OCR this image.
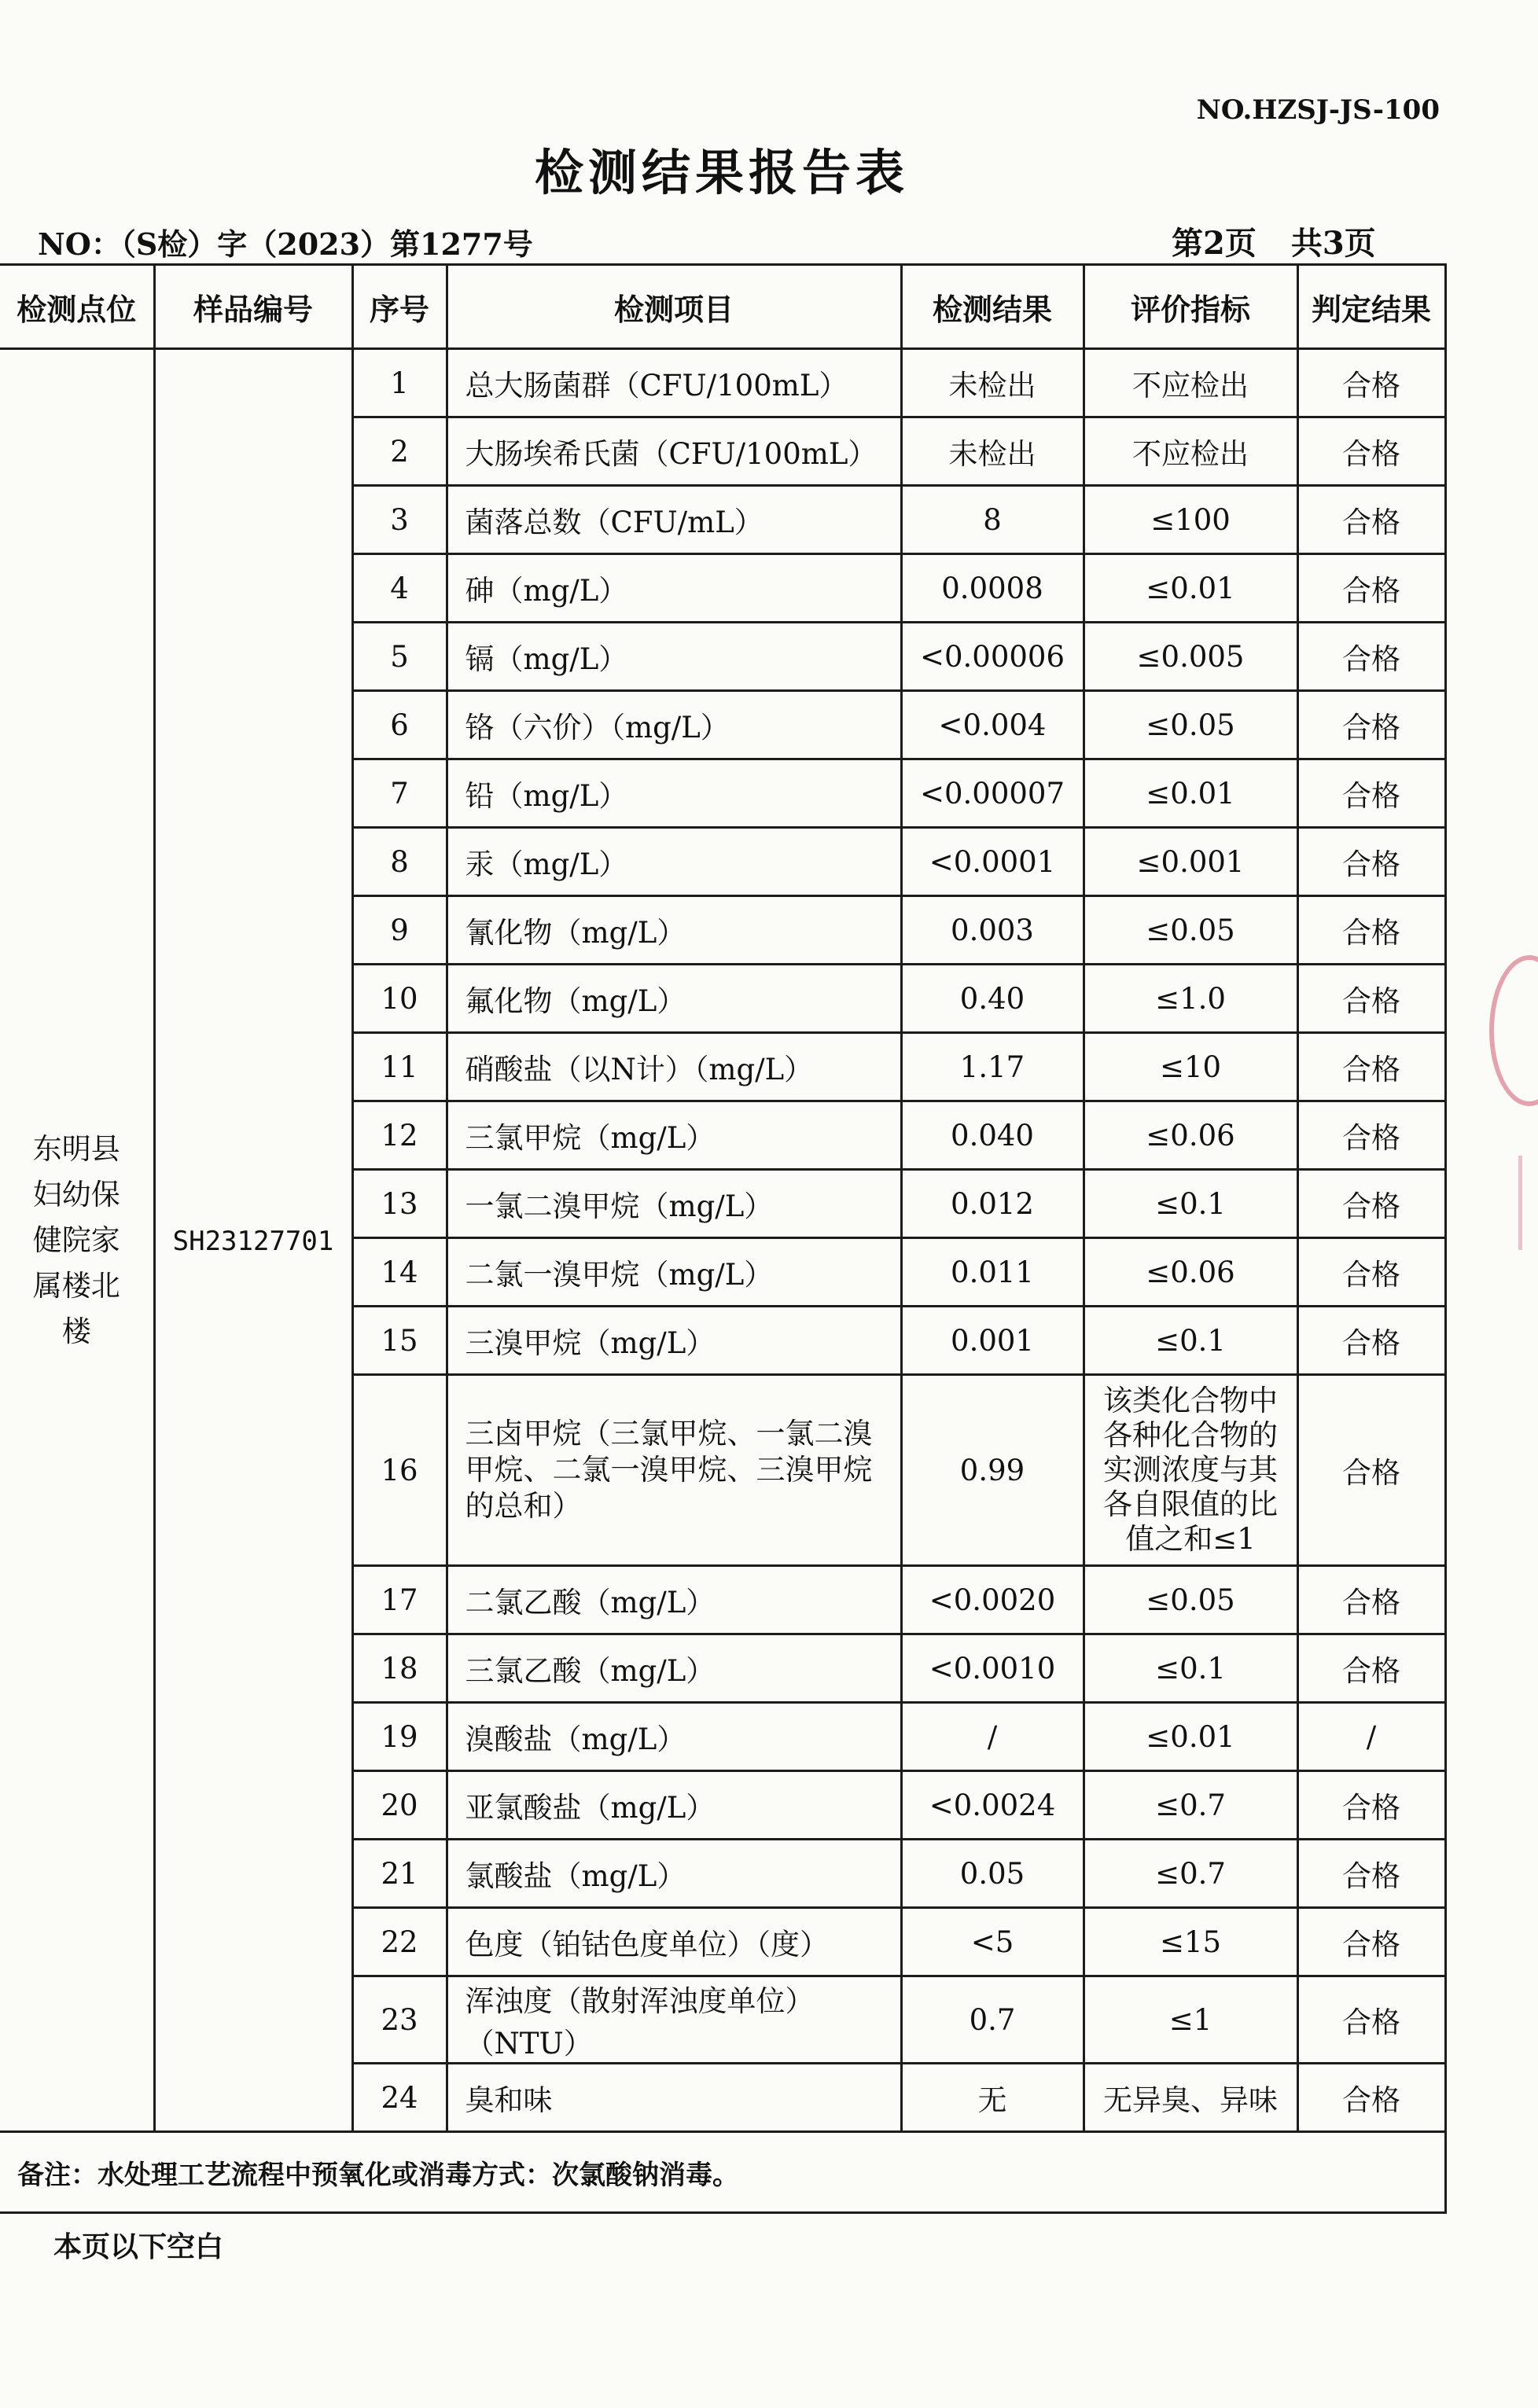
NO.HZSJ-JS-100
检测结果报告表
NO：（S检）字（2023）第1277号	第2页 共3页
检测点位	样品编号	序号	检测项目	检测结果	评价指标	判定结果

东明县妇幼保健院家属楼北楼	SH23127701	1	总大肠菌群（CFU/100mL）	未检出	不应检出	合格
		2	大肠埃希氏菌（CFU/100mL）	未检出	不应检出	合格
		3	菌落总数（CFU/mL）	8	≤100	合格
		4	砷（mg/L）	0.0008	≤0.01	合格
		5	镉（mg/L）	<0.00006	≤0.005	合格
		6	铬（六价）（mg/L）	<0.004	≤0.05	合格
		7	铅（mg/L）	<0.00007	≤0.01	合格
		8	汞（mg/L）	<0.0001	≤0.001	合格
		9	氰化物（mg/L）	0.003	≤0.05	合格
		10	氟化物（mg/L）	0.40	≤1.0	合格
		11	硝酸盐（以N计）（mg/L）	1.17	≤10	合格
		12	三氯甲烷（mg/L）	0.040	≤0.06	合格
		13	一氯二溴甲烷（mg/L）	0.012	≤0.1	合格
		14	二氯一溴甲烷（mg/L）	0.011	≤0.06	合格
		15	三溴甲烷（mg/L）	0.001	≤0.1	合格
		16	三卤甲烷（三氯甲烷、一氯二溴甲烷、二氯一溴甲烷、三溴甲烷的总和）	0.99	该类化合物中各种化合物的实测浓度与其各自限值的比值之和≤1	合格
		17	二氯乙酸（mg/L）	<0.0020	≤0.05	合格
		18	三氯乙酸（mg/L）	<0.0010	≤0.1	合格
		19	溴酸盐（mg/L）	/	≤0.01	/
		20	亚氯酸盐（mg/L）	<0.0024	≤0.7	合格
		21	氯酸盐（mg/L）	0.05	≤0.7	合格
		22	色度（铂钴色度单位）（度）	<5	≤15	合格
		23	浑浊度（散射浑浊度单位）（NTU）	0.7	≤1	合格
		24	臭和味	无	无异臭、异味	合格
备注：水处理工艺流程中预氧化或消毒方式：次氯酸钠消毒。						
本页以下空白
